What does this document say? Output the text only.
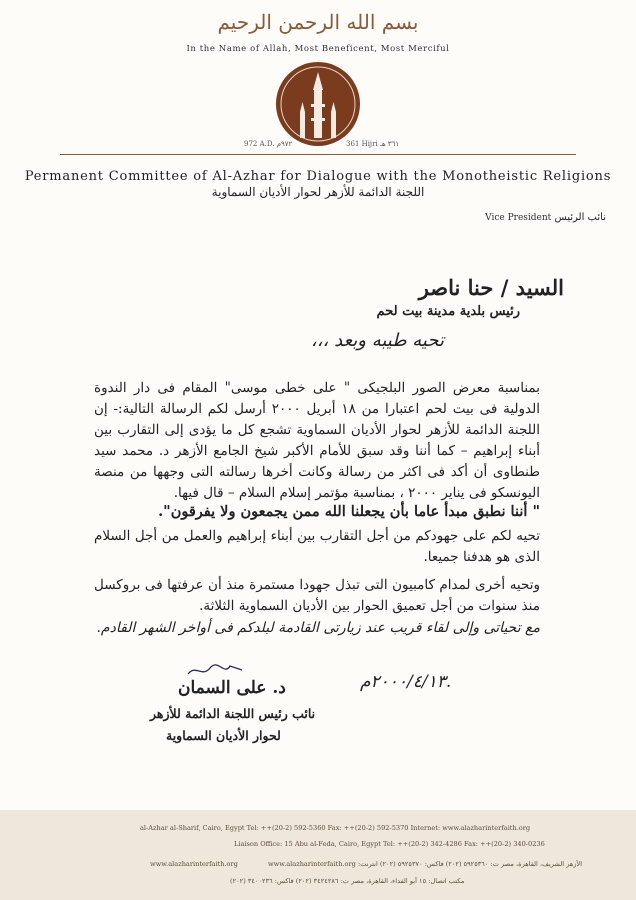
بسم الله الرحمن الرحيم
In the Name of Allah, Most Beneficent, Most Merciful
361 Hijri ٣٦١ هـ
972 A.D. ٩٧٢م
Permanent Committee of Al-Azhar for Dialogue with the Monotheistic Religions
اللجنة الدائمة للأزهر لحوار الأديان السماوية
نائب الرئيس Vice President
السيد / حنا ناصر
رئيس بلدية مدينة بيت لحم
تحيه طيبه وبعد ،،،
بمناسبة معرض الصور البلجيكى " على خطى موسى" المقام فى دار الندوة الدولية فى بيت لحم اعتبارا من ١٨ أبريل ٢٠٠٠ أرسل لكم الرسالة التالية:- إن اللجنة الدائمة للأزهر لحوار الأديان السماوية تشجع كل ما يؤدى إلى التقارب بين أبناء إبراهيم – كما أننا وقد سبق للأمام الأكبر شيخ الجامع الأزهر د. محمد سيد طنطاوى أن أكد فى اكثر من رسالة وكانت أخرها رسالته التى وجهها من منصة اليونسكو فى يناير ٢٠٠٠ ، بمناسبة مؤتمر إسلام السلام – قال فيها.
" أننا نطبق مبدأ عاما بأن يجعلنا الله ممن يجمعون ولا يفرقون".
تحيه لكم على جهودكم من أجل التقارب بين أبناء إبراهيم والعمل من أجل السلام الذى هو هدفنا جميعا.
وتحيه أخرى لمدام كامبيون التى تبذل جهودا مستمرة منذ أن عرفتها فى بروكسل منذ سنوات من أجل تعميق الحوار بين الأديان السماوية الثلاثة.
مع تحياتى وإلى لقاء قريب عند زيارتى القادمة لبلدكم فى أواخر الشهر القادم.
٢٠٠٠/٤/١٣م.
د. على السمان
نائب رئيس اللجنة الدائمة للأزهر
لحوار الأديان السماوية
al-Azhar al-Sharif, Cairo, Egypt Tel: ++(20-2) 592-5360 Fax: ++(20-2) 592-5370 Internet: www.alazharinterfaith.org
Liaison Office: 15 Abu al-Feda, Cairo, Egypt Tel: ++(20-2) 342-4286 Fax: ++(20-2) 340-0236
www.alazharinterfaith.org	الأزهر الشريف، القاهرة، مصر ت: ٥٩٢٥٣٦٠ (٢٠٢) فاكس: ٥٩٢٥٣٧٠ (٢٠٢) انترنت: www.alazharinterfaith.org
مكتب اتصال: ١٥ أبو الفداء، القاهرة، مصر ت: ٣٤٢٤٢٨٦ (٢٠٢) فاكس: ٣٤٠٠٢٣٦ (٢٠٢)
